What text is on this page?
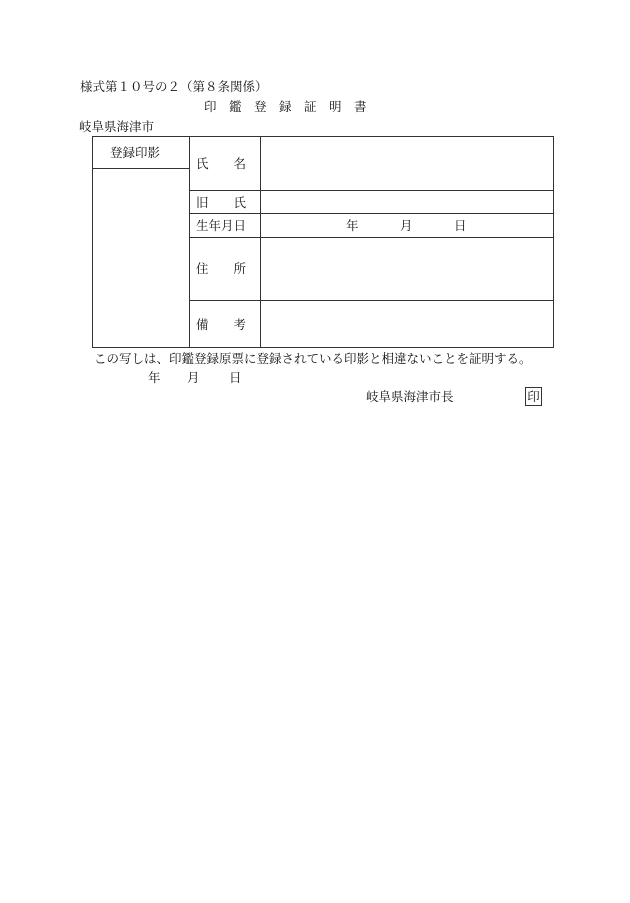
様式第１０号の２（第８条関係）
印　鑑　登　録　証　明　書
岐阜県海津市
登録印影
氏　　名
旧　　氏
生年月日	年	月	日
住　　所
備　　考
この写しは、印鑑登録原票に登録されている印影と相違ないことを証明する。
年 月 日
岐阜県海津市長	印
